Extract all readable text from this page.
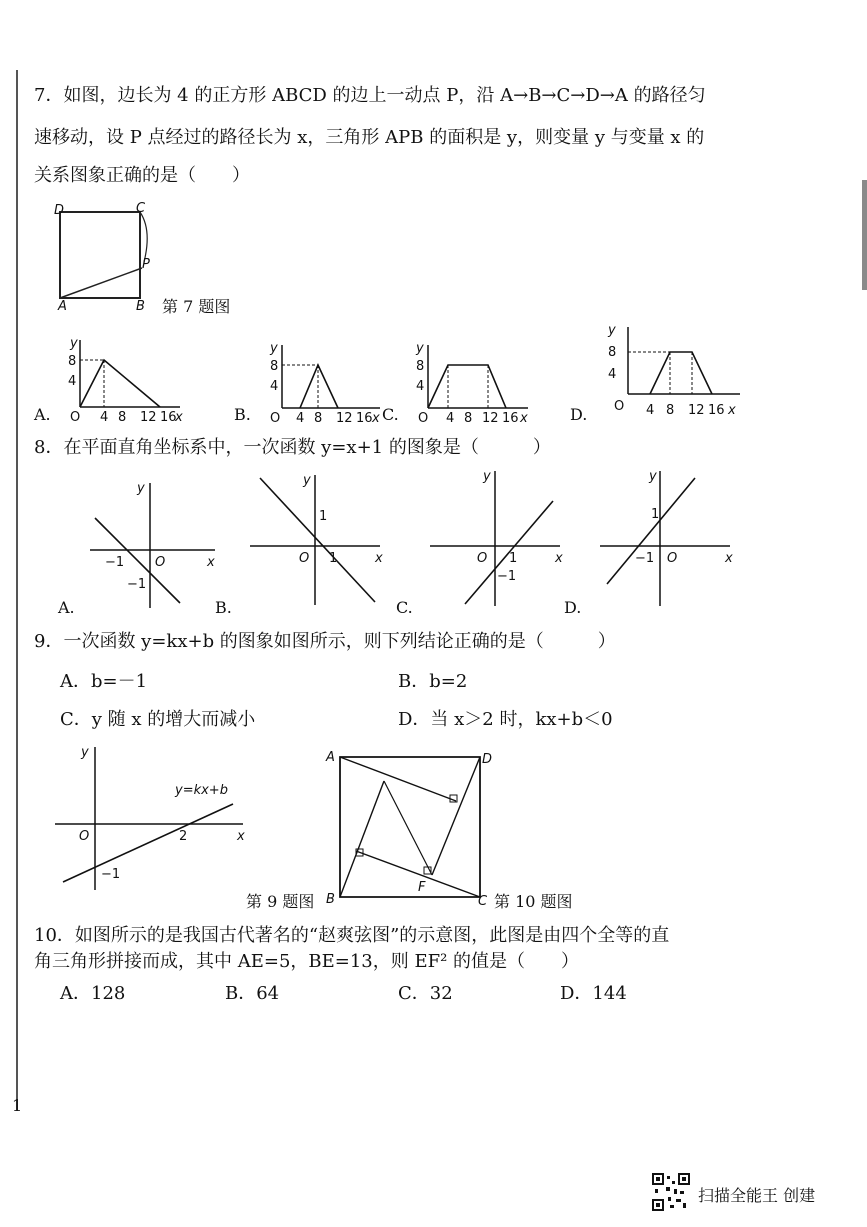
7．如图，边长为 4 的正方形 ABCD 的边上一动点 P，沿 A→B→C→D→A 的路径匀
速移动，设 P 点经过的路径长为 x，三角形 APB 的面积是 y，则变量 y 与变量 x 的
关系图象正确的是（　　）
D	C
A	B
P
第 7 题图
A.
y
8
4
O 4 8 12 16
x	B.
y
8
4
O 4 8 12 16 x C.
y
8
4
O 4 8 12 16 x	D.
y
8
4
O 4 8 12 16 x
8．在平面直角坐标系中，一次函数 y=x+1 的图象是（　　　）
A.
y
x
O
−1
−1
B.
y
x
O 1
1
C.
y
x
O 1
−1
D.
y
x
O
−1
1
9．一次函数 y=kx+b 的图象如图所示，则下列结论正确的是（　　　）
A．b=－1	B．b=2
C．y 随 x 的增大而减小	D．当 x＞2 时，kx+b＜0
y
x
O	2
−1
y=kx+b
第 9 题图
A	D
B	C
F
第 10 题图
10．如图所示的是我国古代著名的“赵爽弦图”的示意图，此图是由四个全等的直
角三角形拼接而成，其中 AE=5，BE=13，则 EF² 的值是（　　）
A．128	B．64	C．32	D．144
1
扫描全能王 创建
